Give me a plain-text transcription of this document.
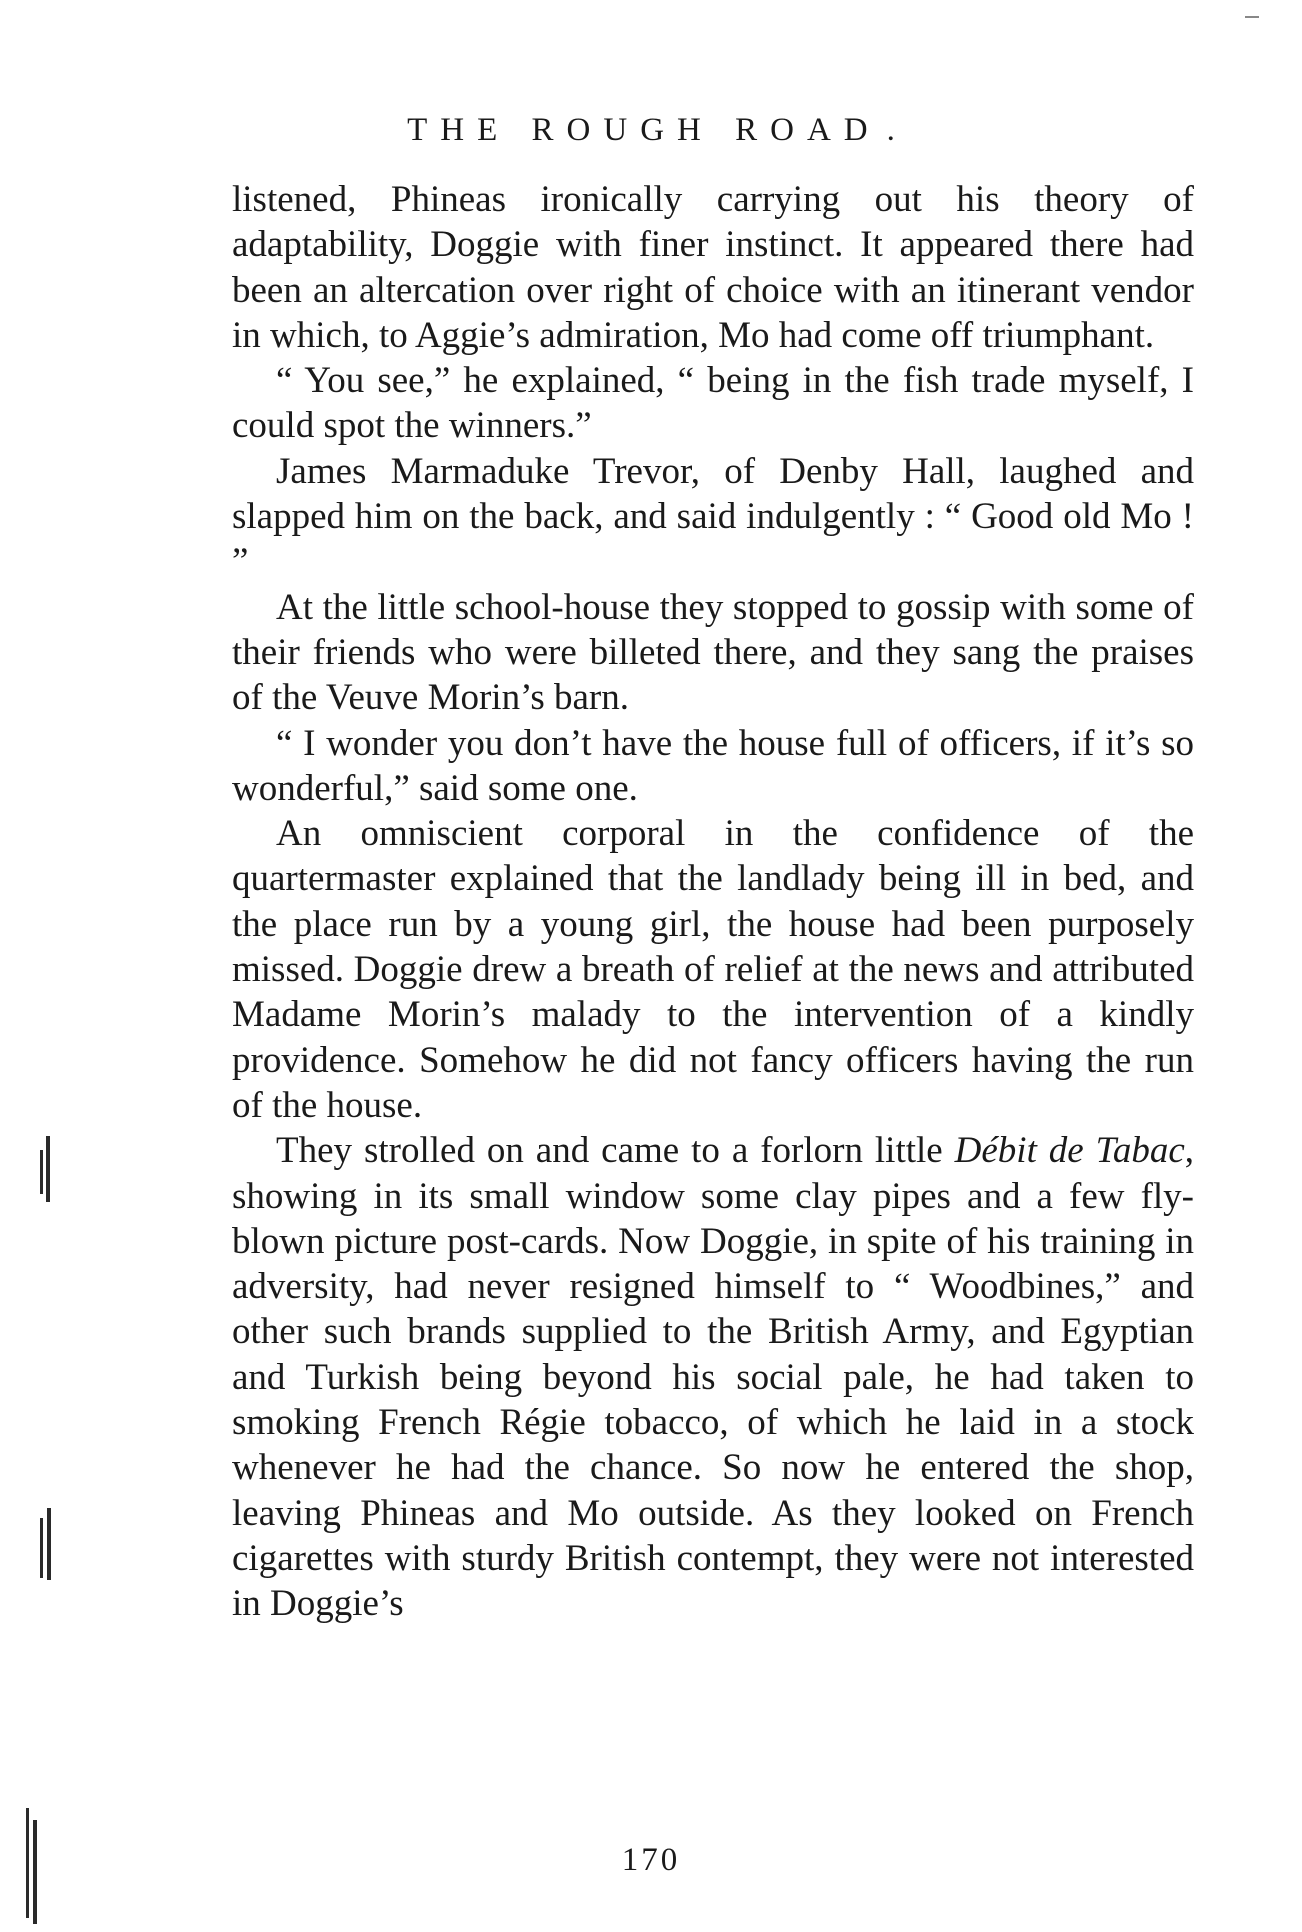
THE ROUGH ROAD .

listened, Phineas ironically carrying out his theory of adaptability, Doggie with finer instinct. It appeared there had been an altercation over right of choice with an itinerant vendor in which, to Aggie’s admiration, Mo had come off triumphant.

“ You see,” he explained, “ being in the fish trade myself, I could spot the winners.”

James Marmaduke Trevor, of Denby Hall, laughed and slapped him on the back, and said indulgently : “ Good old Mo ! ”

At the little school-house they stopped to gossip with some of their friends who were billeted there, and they sang the praises of the Veuve Morin’s barn.

“ I wonder you don’t have the house full of officers, if it’s so wonderful,” said some one.

An omniscient corporal in the confidence of the quartermaster explained that the landlady being ill in bed, and the place run by a young girl, the house had been purposely missed. Doggie drew a breath of relief at the news and attributed Madame Morin’s malady to the intervention of a kindly providence. Somehow he did not fancy officers having the run of the house.

They strolled on and came to a forlorn little Débit de Tabac, showing in its small window some clay pipes and a few fly-blown picture post-cards. Now Doggie, in spite of his training in adversity, had never resigned himself to “ Woodbines,” and other such brands supplied to the British Army, and Egyptian and Turkish being beyond his social pale, he had taken to smoking French Régie tobacco, of which he laid in a stock whenever he had the chance. So now he entered the shop, leaving Phineas and Mo outside. As they looked on French cigarettes with sturdy British contempt, they were not interested in Doggie’s

170
